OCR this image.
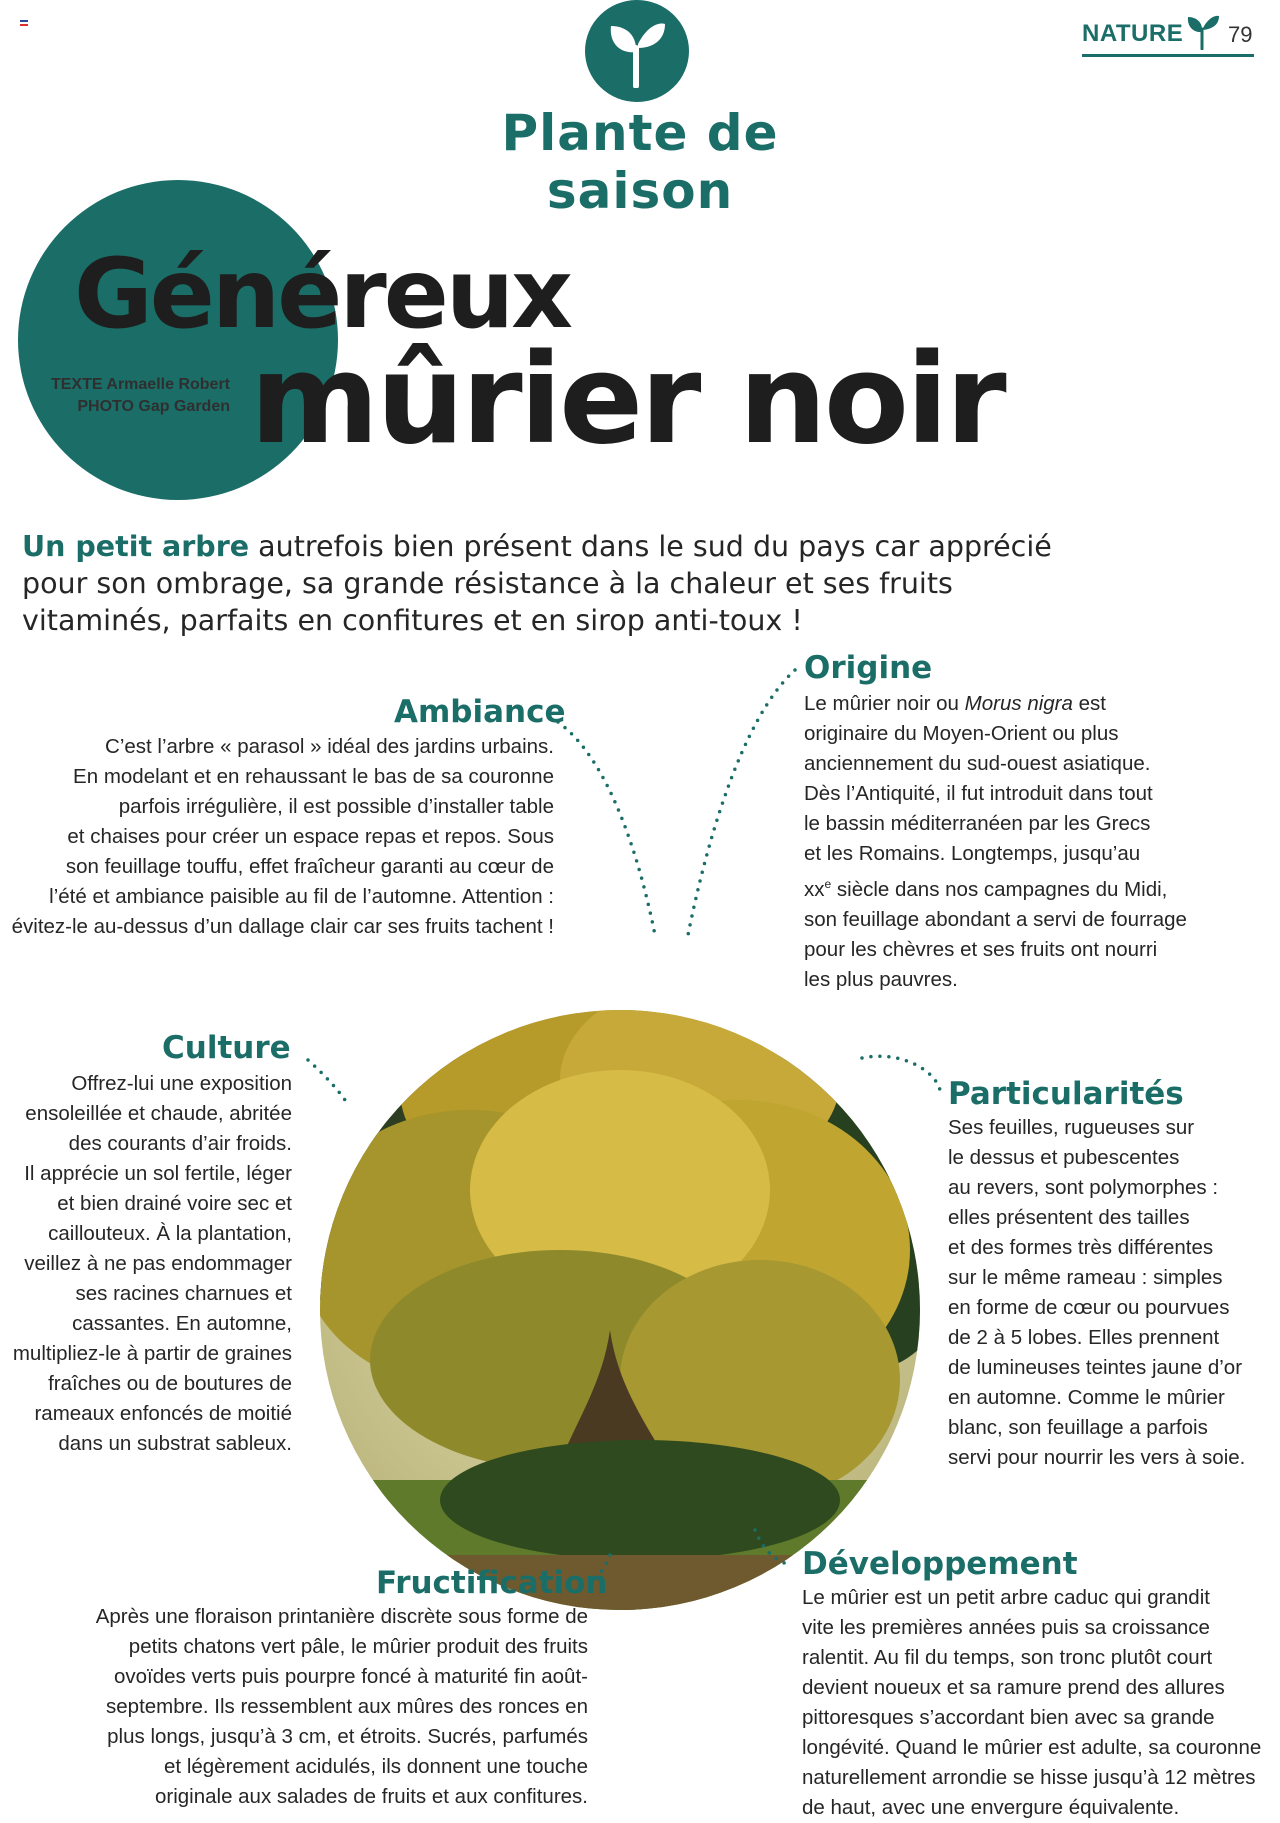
NATURE 79
Plante de saison
Généreux
mûrier noir
TEXTE Armaelle Robert
PHOTO Gap Garden
Un petit arbre autrefois bien présent dans le sud du pays car apprécié pour son ombrage, sa grande résistance à la chaleur et ses fruits vitaminés, parfaits en confitures et en sirop anti-toux !
Ambiance
C’est l’arbre « parasol » idéal des jardins urbains.
En modelant et en rehaussant le bas de sa couronne
parfois irrégulière, il est possible d’installer table
et chaises pour créer un espace repas et repos. Sous
son feuillage touffu, effet fraîcheur garanti au cœur de
l’été et ambiance paisible au fil de l’automne. Attention :
évitez-le au-dessus d’un dallage clair car ses fruits tachent !
Origine
Le mûrier noir ou Morus nigra est
originaire du Moyen-Orient ou plus
anciennement du sud-ouest asiatique.
Dès l’Antiquité, il fut introduit dans tout
le bassin méditerranéen par les Grecs
et les Romains. Longtemps, jusqu’au
$xx^e$ siècle dans nos campagnes du Midi,
son feuillage abondant a servi de fourrage
pour les chèvres et ses fruits ont nourri
les plus pauvres.
Culture
Offrez-lui une exposition
ensoleillée et chaude, abritée
des courants d’air froids.
Il apprécie un sol fertile, léger
et bien drainé voire sec et
caillouteux. À la plantation,
veillez à ne pas endommager
ses racines charnues et
cassantes. En automne,
multipliez-le à partir de graines
fraîches ou de boutures de
rameaux enfoncés de moitié
dans un substrat sableux.
Particularités
Ses feuilles, rugueuses sur
le dessus et pubescentes
au revers, sont polymorphes :
elles présentent des tailles
et des formes très différentes
sur le même rameau : simples
en forme de cœur ou pourvues
de 2 à 5 lobes. Elles prennent
de lumineuses teintes jaune d’or
en automne. Comme le mûrier
blanc, son feuillage a parfois
servi pour nourrir les vers à soie.
Fructification
Après une floraison printanière discrète sous forme de
petits chatons vert pâle, le mûrier produit des fruits
ovoïdes verts puis pourpre foncé à maturité fin août-
septembre. Ils ressemblent aux mûres des ronces en
plus longs, jusqu’à 3 cm, et étroits. Sucrés, parfumés
et légèrement acidulés, ils donnent une touche
originale aux salades de fruits et aux confitures.
Développement
Le mûrier est un petit arbre caduc qui grandit
vite les premières années puis sa croissance
ralentit. Au fil du temps, son tronc plutôt court
devient noueux et sa ramure prend des allures
pittoresques s’accordant bien avec sa grande
longévité. Quand le mûrier est adulte, sa couronne
naturellement arrondie se hisse jusqu’à 12 mètres
de haut, avec une envergure équivalente.
